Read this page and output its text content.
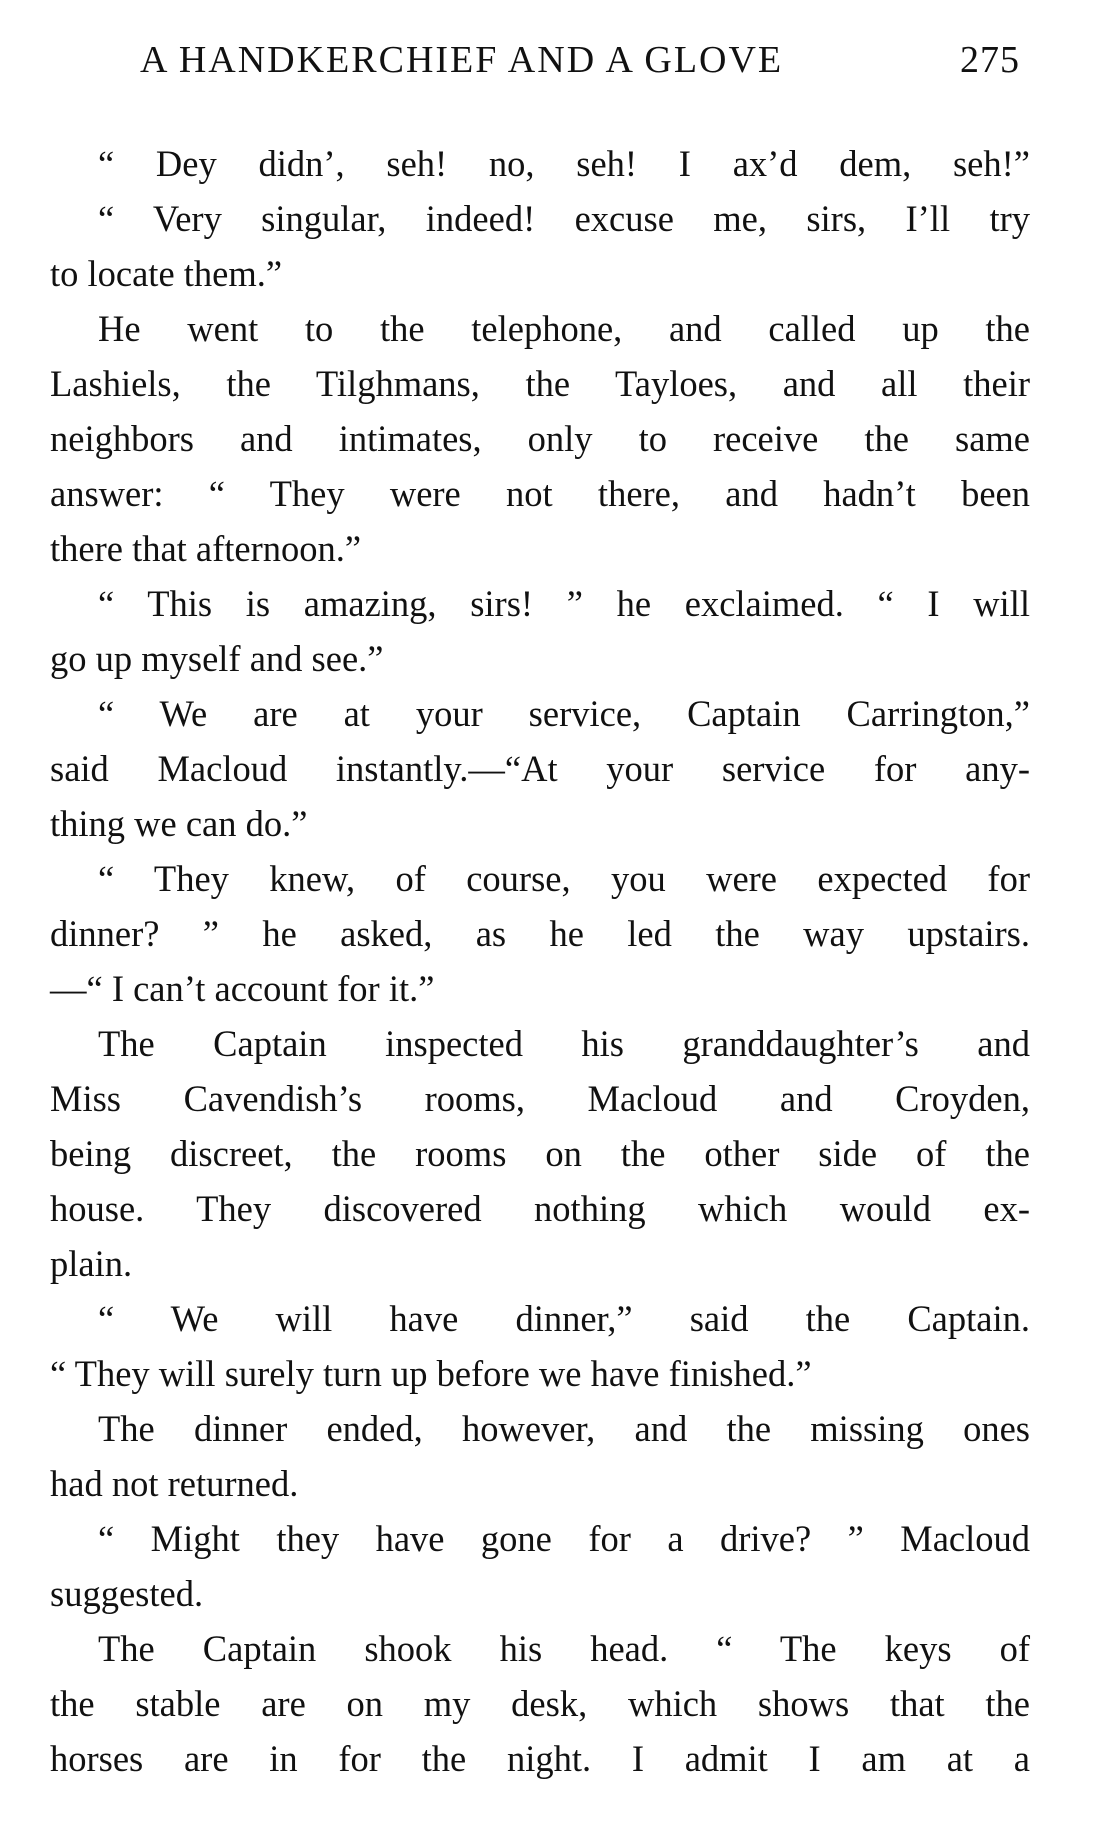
A HANDKERCHIEF AND A GLOVE	275
“ Dey didn’, seh! no, seh! I ax’d dem, seh!”
“ Very singular, indeed! excuse me, sirs, I’ll try
to locate them.”
He went to the telephone, and called up the
Lashiels, the Tilghmans, the Tayloes, and all their
neighbors and intimates, only to receive the same
answer: “ They were not there, and hadn’t been
there that afternoon.”
“ This is amazing, sirs! ” he exclaimed. “ I will
go up myself and see.”
“ We are at your service, Captain Carrington,”
said Macloud instantly.—“At your service for any-
thing we can do.”
“ They knew, of course, you were expected for
dinner? ” he asked, as he led the way upstairs.
—“ I can’t account for it.”
The Captain inspected his granddaughter’s and
Miss Cavendish’s rooms, Macloud and Croyden,
being discreet, the rooms on the other side of the
house. They discovered nothing which would ex-
plain.
“ We will have dinner,” said the Captain.
“ They will surely turn up before we have finished.”
The dinner ended, however, and the missing ones
had not returned.
“ Might they have gone for a drive? ” Macloud
suggested.
The Captain shook his head. “ The keys of
the stable are on my desk, which shows that the
horses are in for the night. I admit I am at a
